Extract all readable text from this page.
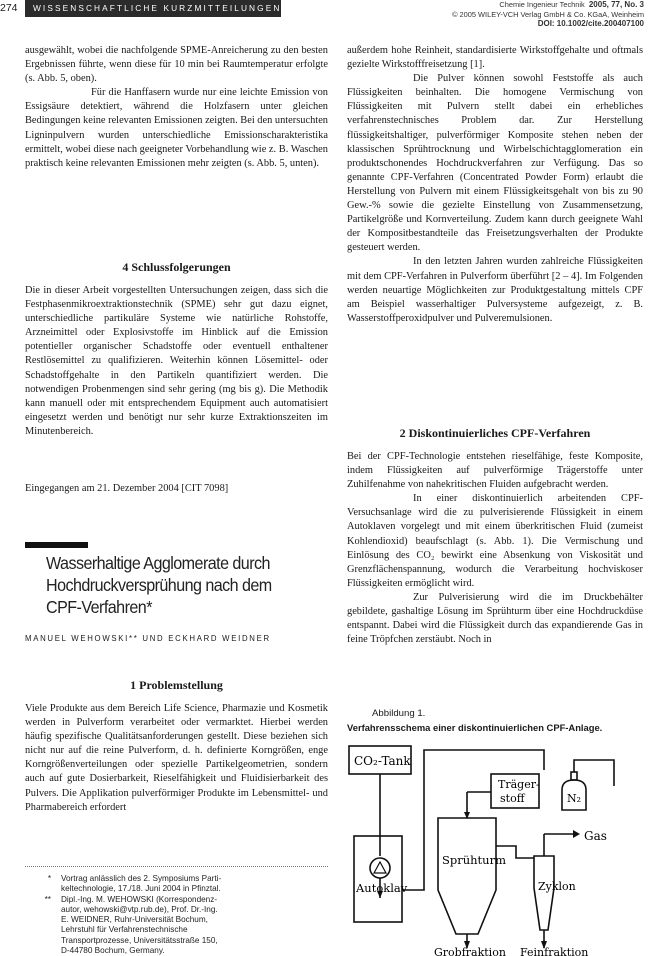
274	WISSENSCHAFTLICHE KURZMITTEILUNGEN	Chemie Ingenieur Technik 2005, 77, No. 3
© 2005 WILEY-VCH Verlag GmbH & Co. KGaA, Weinheim
DOI: 10.1002/cite.200407100

ausgewählt, wobei die nachfolgende SPME-Anreicherung zu den besten Ergebnissen führte, wenn diese für 10 min bei Raumtemperatur erfolgte (s. Abb. 5, oben).

Für die Hanffasern wurde nur eine leichte Emission von Essigsäure detektiert, während die Holzfasern unter gleichen Bedingungen keine relevanten Emissionen zeigten. Bei den untersuchten Ligninpulvern wurden unterschiedliche Emissionscharakteristika ermittelt, wobei diese nach geeigneter Vorbehandlung wie z. B. Waschen praktisch keine relevanten Emissionen mehr zeigten (s. Abb. 5, unten).

4 Schlussfolgerungen

Die in dieser Arbeit vorgestellten Untersuchungen zeigen, dass sich die Festphasenmikroextraktionstechnik (SPME) sehr gut dazu eignet, unterschiedliche partikuläre Systeme wie natürliche Rohstoffe, Arzneimittel oder Explosivstoffe im Hinblick auf die Emission potentieller organischer Schadstoffe oder eventuell enthaltener Restlösemittel zu qualifizieren. Weiterhin können Lösemittel- oder Schadstoffgehalte in den Partikeln quantifiziert werden. Die notwendigen Probenmengen sind sehr gering (mg bis g). Die Methodik kann manuell oder mit entsprechendem Equipment auch automatisiert eingesetzt werden und benötigt nur sehr kurze Extraktionszeiten im Minutenbereich.

Eingegangen am 21. Dezember 2004 [CIT 7098]
Wasserhaltige Agglomerate durch
Hochdruckversprühung nach dem
CPF-Verfahren*
MANUEL WEHOWSKI** UND ECKHARD WEIDNER
1 Problemstellung

Viele Produkte aus dem Bereich Life Science, Pharmazie und Kosmetik werden in Pulverform verarbeitet oder vermarktet. Hierbei werden häufig spezifische Qualitätsanforderungen gestellt. Diese beziehen sich nicht nur auf die reine Pulverform, d. h. definierte Korngrößen, enge Korngrößenverteilungen oder spezielle Partikelgeometrien, sondern auch auf gute Dosierbarkeit, Rieselfähigkeit und Fluidisierbarkeit des Pulvers. Die Applikation pulverförmiger Produkte im Lebensmittel- und Pharmabereich erfordert

* Vortrag anlässlich des 2. Symposiums Parti-
keltechnologie, 17./18. Juni 2004 in Pfinztal.
** Dipl.-Ing. M. WEHOWSKI (Korrespondenz-
autor, wehowski@vtp.rub.de), Prof. Dr.-Ing.
E. WEIDNER, Ruhr-Universität Bochum,
Lehrstuhl für Verfahrenstechnische
Transportprozesse, Universitätsstraße 150,
D-44780 Bochum, Germany.

außerdem hohe Reinheit, standardisierte Wirkstoffgehalte und oftmals gezielte Wirkstofffreisetzung [1].

Die Pulver können sowohl Feststoffe als auch Flüssigkeiten beinhalten. Die homogene Vermischung von Flüssigkeiten mit Pulvern stellt dabei ein erhebliches verfahrenstechnisches Problem dar. Zur Herstellung flüssigkeitshaltiger, pulverförmiger Komposite stehen neben der klassischen Sprühtrocknung und Wirbelschichtagglomeration ein produktschonendes Hochdruckverfahren zur Verfügung. Das so genannte CPF-Verfahren (Concentrated Powder Form) erlaubt die Herstellung von Pulvern mit einem Flüssigkeitsgehalt von bis zu 90 Gew.-% sowie die gezielte Einstellung von Zusammensetzung, Partikelgröße und Kornverteilung. Zudem kann durch geeignete Wahl der Kompositbestandteile das Freisetzungsverhalten der Produkte gesteuert werden.

In den letzten Jahren wurden zahlreiche Flüssigkeiten mit dem CPF-Verfahren in Pulverform überführt [2 – 4]. Im Folgenden werden neuartige Möglichkeiten zur Produktgestaltung mittels CPF am Beispiel wasserhaltiger Pulversysteme aufgezeigt, z. B. Wasserstoffperoxidpulver und Pulveremulsionen.

2 Diskontinuierliches CPF-Verfahren

Bei der CPF-Technologie entstehen rieselfähige, feste Komposite, indem Flüssigkeiten auf pulverförmige Trägerstoffe unter Zuhilfenahme von nahekritischen Fluiden aufgebracht werden.

In einer diskontinuierlich arbeitenden CPF-Versuchsanlage wird die zu pulverisierende Flüssigkeit in einem Autoklaven vorgelegt und mit einem überkritischen Fluid (zumeist Kohlendioxid) beaufschlagt (s. Abb. 1). Die Vermischung und Einlösung des CO₂ bewirkt eine Absenkung von Viskosität und Grenzflächenspannung, wodurch die Verarbeitung hochviskoser Flüssigkeiten ermöglicht wird.

Zur Pulverisierung wird die im Druckbehälter gebildete, gashaltige Lösung im Sprühturm über eine Hochdruckdüse entspannt. Dabei wird die Flüssigkeit durch das expandierende Gas in feine Tröpfchen zerstäubt. Noch in

Abbildung 1.
Verfahrensschema einer diskontinuierlichen CPF-Anlage.
CO₂-Tank
Träger-
stoff	N₂
Gas
Autoklav
Sprühturm
Zyklon
Grobfraktion Feinfraktion
